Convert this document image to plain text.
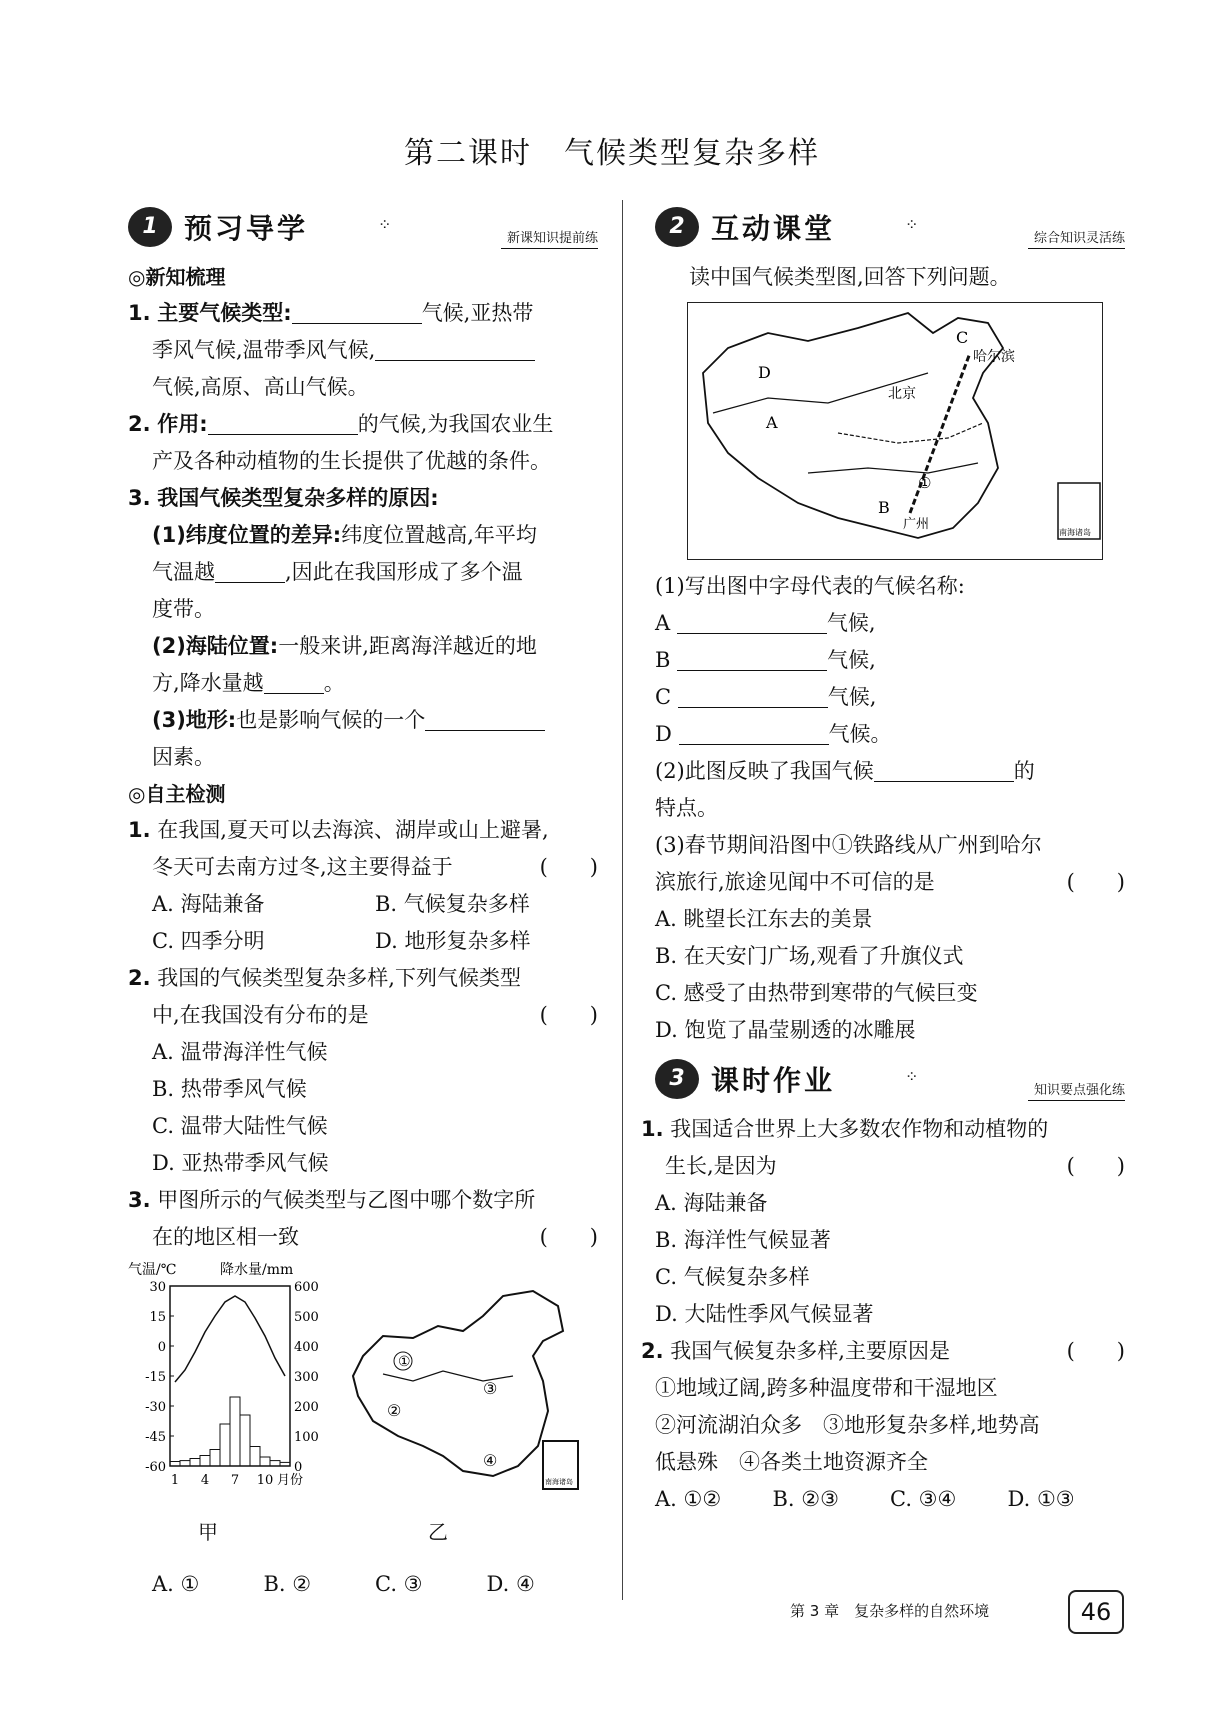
第二课时　气候类型复杂多样
1 预习导学	⁘
新课知识提前练
◎新知梳理
1. 主要气候类型:	气候,亚热带
季风气候,温带季风气候,
气候,高原、高山气候。
2. 作用:	的气候,为我国农业生
产及各种动植物的生长提供了优越的条件。
3. 我国气候类型复杂多样的原因:
(1)纬度位置的差异:纬度位置越高,年平均
气温越	,因此在我国形成了多个温
度带。
(2)海陆位置:一般来讲,距离海洋越近的地
方,降水量越	。
(3)地形:也是影响气候的一个
因素。
◎自主检测
1. 在我国,夏天可以去海滨、湖岸或山上避暑,
冬天可去南方过冬,这主要得益于	(　　)
A. 海陆兼备	B. 气候复杂多样
C. 四季分明	D. 地形复杂多样
2. 我国的气候类型复杂多样,下列气候类型
中,在我国没有分布的是	(　　)
A. 温带海洋性气候
B. 热带季风气候
C. 温带大陆性气候
D. 亚热带季风气候
3. 甲图所示的气候类型与乙图中哪个数字所
在的地区相一致	(　　)
30
15
0
-15
-30
-45
-60
600
500
400
300
200
100
0
气温/℃	降水量/mm
1 4 7 10 月份
①
②
③
④
南海诸岛
甲	乙
A. ①	B. ②	C. ③	D. ④
2 互动课堂	⁘
综合知识灵活练
读中国气候类型图,回答下列问题。
D
A
B
C
北京
哈尔滨
广州
①
南海诸岛
(1)写出图中字母代表的气候名称:
A	气候,
B	气候,
C	气候,
D	气候。
(2)此图反映了我国气候	的
特点。
(3)春节期间沿图中①铁路线从广州到哈尔
滨旅行,旅途见闻中不可信的是	(　　)
A. 眺望长江东去的美景
B. 在天安门广场,观看了升旗仪式
C. 感受了由热带到寒带的气候巨变
D. 饱览了晶莹剔透的冰雕展
3 课时作业	⁘
知识要点强化练
1. 我国适合世界上大多数农作物和动植物的
生长,是因为	(　　)
A. 海陆兼备
B. 海洋性气候显著
C. 气候复杂多样
D. 大陆性季风气候显著
2. 我国气候复杂多样,主要原因是	(　　)
①地域辽阔,跨多种温度带和干湿地区
②河流湖泊众多　③地形复杂多样,地势高
低悬殊　④各类土地资源齐全
A. ①②	B. ②③	C. ③④	D. ①③
第 3 章　复杂多样的自然环境	46
